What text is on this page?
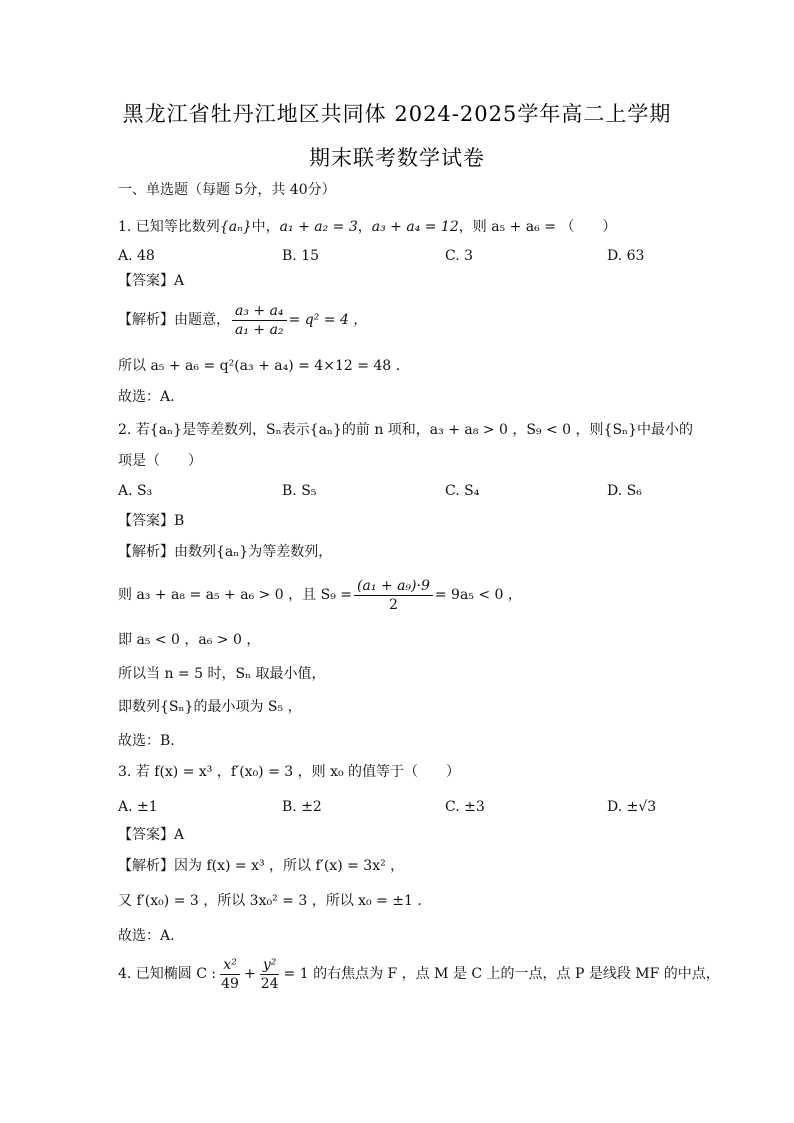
黑龙江省牡丹江地区共同体 2024-2025学年高二上学期
期末联考数学试卷
一、单选题（每题 5分，共 40分）
1. 已知等比数列{aₙ}中，a₁ + a₂ = 3，a₃ + a₄ = 12，则 a₅ + a₆ = （　　）
A. 48	B. 15	C. 3	D. 63
【答案】A
【解析】由题意， $\frac{\text{a₃ + a₄}}{\text{a₁ + a₂}} = q^2 = 4$ ，
所以 a₅ + a₆ = q²(a₃ + a₄) = 4×12 = 48 .
故选：A.
2. 若{aₙ}是等差数列，Sₙ表示{aₙ}的前 n 项和，a₃ + a₈ > 0 ，S₉ < 0 ，则{Sₙ}中最小的
项是（　　）
A. S₃	B. S₅	C. S₄	D. S₆
【答案】B
【解析】由数列{aₙ}为等差数列，
则 a₃ + a₈ = a₅ + a₆ > 0 ，且 $S_9 = \frac{\text{(a₁ + a₉)·9}}{2} = 9a_5 < 0$ ，
即 a₅ < 0 ，a₆ > 0 ，
所以当 n = 5 时，Sₙ 取最小值，
即数列{Sₙ}的最小项为 S₅ ，
故选：B.
3. 若 f(x) = x³ ，f′(x₀) = 3 ，则 x₀ 的值等于（　　）
A. ±1	B. ±2	C. ±3	D. ±√3
【答案】A
【解析】因为 f(x) = x³ ，所以 f′(x) = 3x² ，
又 f′(x₀) = 3 ，所以 3x₀² = 3 ，所以 x₀ = ±1 .
故选：A.
4. 已知椭圆 C : $\frac{\text{x²}}{49} + \frac{\text{y²}}{24} = 1$ 的右焦点为 F ，点 M 是 C 上的一点，点 P 是线段 MF 的中点，
